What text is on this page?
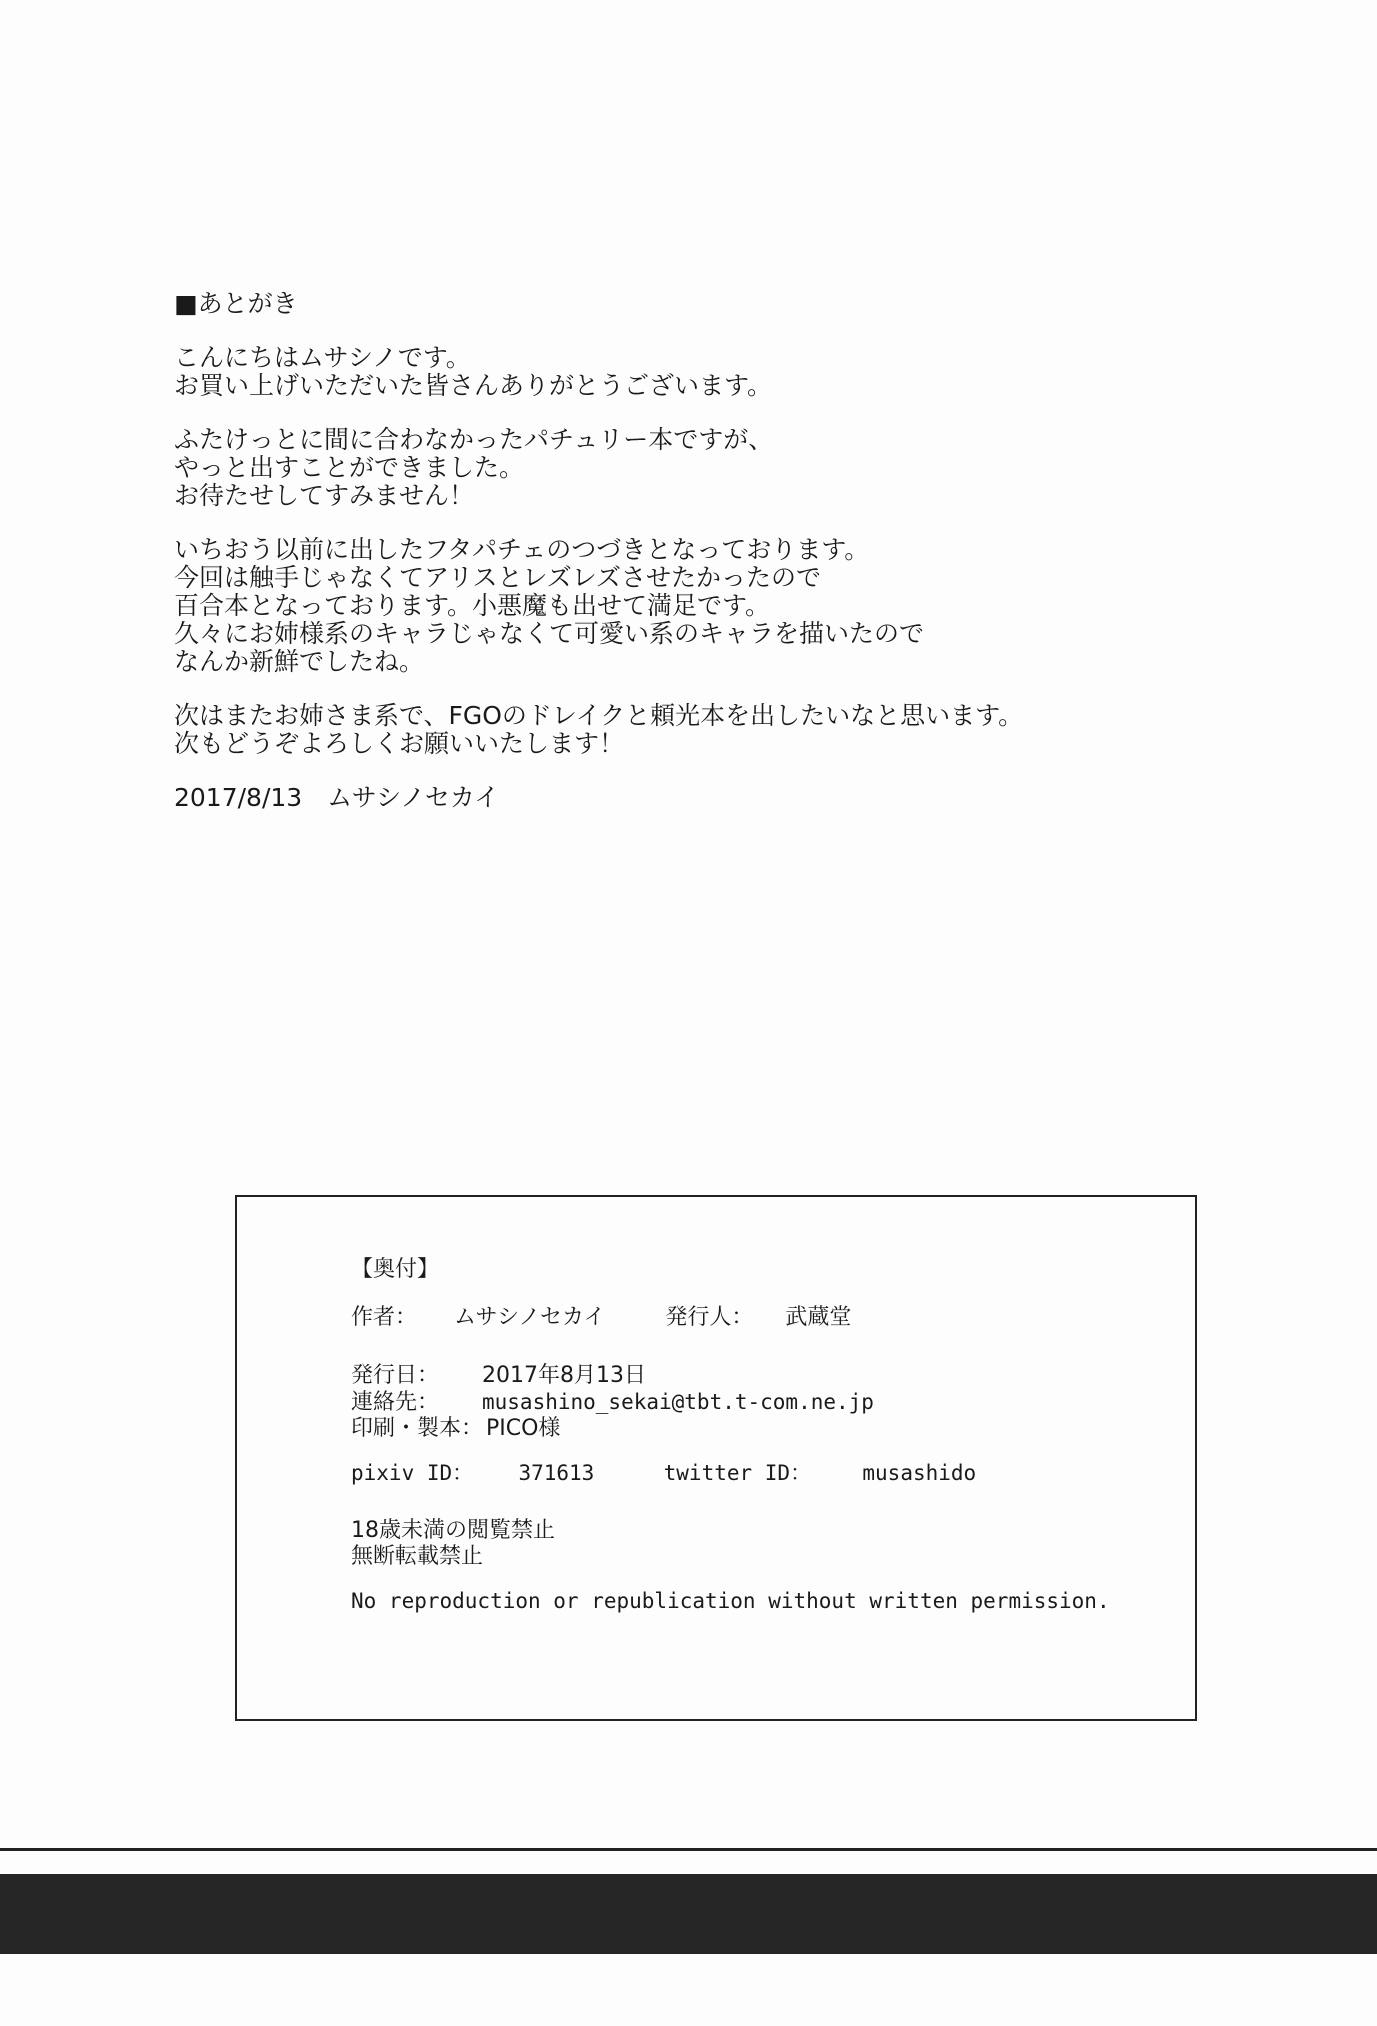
■あとがき
こんにちはムサシノです。
お買い上げいただいた皆さんありがとうございます。
ふたけっとに間に合わなかったパチュリー本ですが、
やっと出すことができました。
お待たせしてすみません！
いちおう以前に出したフタパチェのつづきとなっております。
今回は触手じゃなくてアリスとレズレズさせたかったので
百合本となっております。小悪魔も出せて満足です。
久々にお姉様系のキャラじゃなくて可愛い系のキャラを描いたので
なんか新鮮でしたね。
次はまたお姉さま系で、FGOのドレイクと頼光本を出したいなと思います。
次もどうぞよろしくお願いいたします！
2017/8/13　ムサシノセカイ
【奥付】
作者： ムサシノセカイ	発行人： 武蔵堂
発行日： 2017年8月13日
連絡先： musashino_sekai@tbt.t-com.ne.jp
印刷・製本： PICO様
pixiv ID： 371613	twitter ID： musashido
18歳未満の閲覧禁止
無断転載禁止
No reproduction or republication without written permission.
